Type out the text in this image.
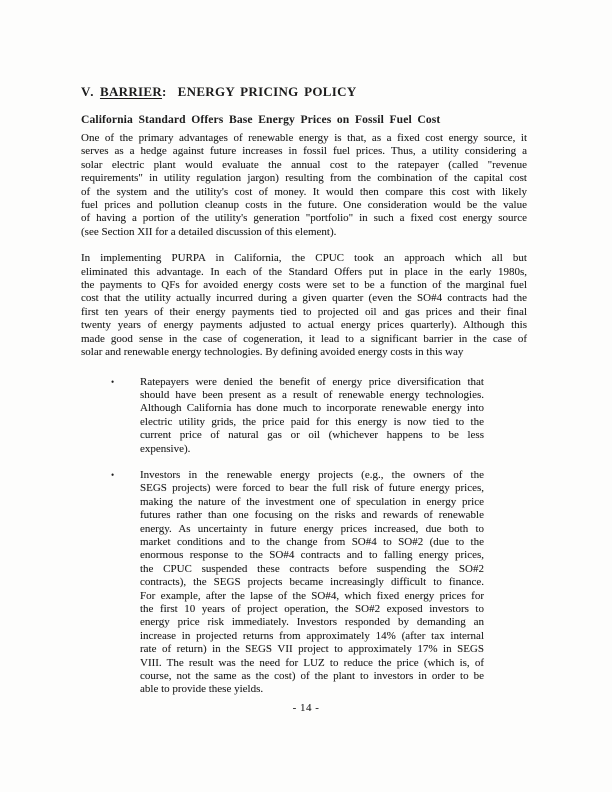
V. BARRIER: ENERGY PRICING POLICY
California Standard Offers Base Energy Prices on Fossil Fuel Cost
One of the primary advantages of renewable energy is that, as a fixed cost energy source, it
serves as a hedge against future increases in fossil fuel prices. Thus, a utility considering a
solar electric plant would evaluate the annual cost to the ratepayer (called "revenue
requirements" in utility regulation jargon) resulting from the combination of the capital cost
of the system and the utility's cost of money. It would then compare this cost with likely
fuel prices and pollution cleanup costs in the future. One consideration would be the value
of having a portion of the utility's generation "portfolio" in such a fixed cost energy source
(see Section XII for a detailed discussion of this element).
In implementing PURPA in California, the CPUC took an approach which all but
eliminated this advantage. In each of the Standard Offers put in place in the early 1980s,
the payments to QFs for avoided energy costs were set to be a function of the marginal fuel
cost that the utility actually incurred during a given quarter (even the SO#4 contracts had the
first ten years of their energy payments tied to projected oil and gas prices and their final
twenty years of energy payments adjusted to actual energy prices quarterly). Although this
made good sense in the case of cogeneration, it lead to a significant barrier in the case of
solar and renewable energy technologies. By defining avoided energy costs in this way
• Ratepayers were denied the benefit of energy price diversification that
should have been present as a result of renewable energy technologies.
Although California has done much to incorporate renewable energy into
electric utility grids, the price paid for this energy is now tied to the
current price of natural gas or oil (whichever happens to be less
expensive).
• Investors in the renewable energy projects (e.g., the owners of the
SEGS projects) were forced to bear the full risk of future energy prices,
making the nature of the investment one of speculation in energy price
futures rather than one focusing on the risks and rewards of renewable
energy. As uncertainty in future energy prices increased, due both to
market conditions and to the change from SO#4 to SO#2 (due to the
enormous response to the SO#4 contracts and to falling energy prices,
the CPUC suspended these contracts before suspending the SO#2
contracts), the SEGS projects became increasingly difficult to finance.
For example, after the lapse of the SO#4, which fixed energy prices for
the first 10 years of project operation, the SO#2 exposed investors to
energy price risk immediately. Investors responded by demanding an
increase in projected returns from approximately 14% (after tax internal
rate of return) in the SEGS VII project to approximately 17% in SEGS
VIII. The result was the need for LUZ to reduce the price (which is, of
course, not the same as the cost) of the plant to investors in order to be
able to provide these yields.
- 14 -
